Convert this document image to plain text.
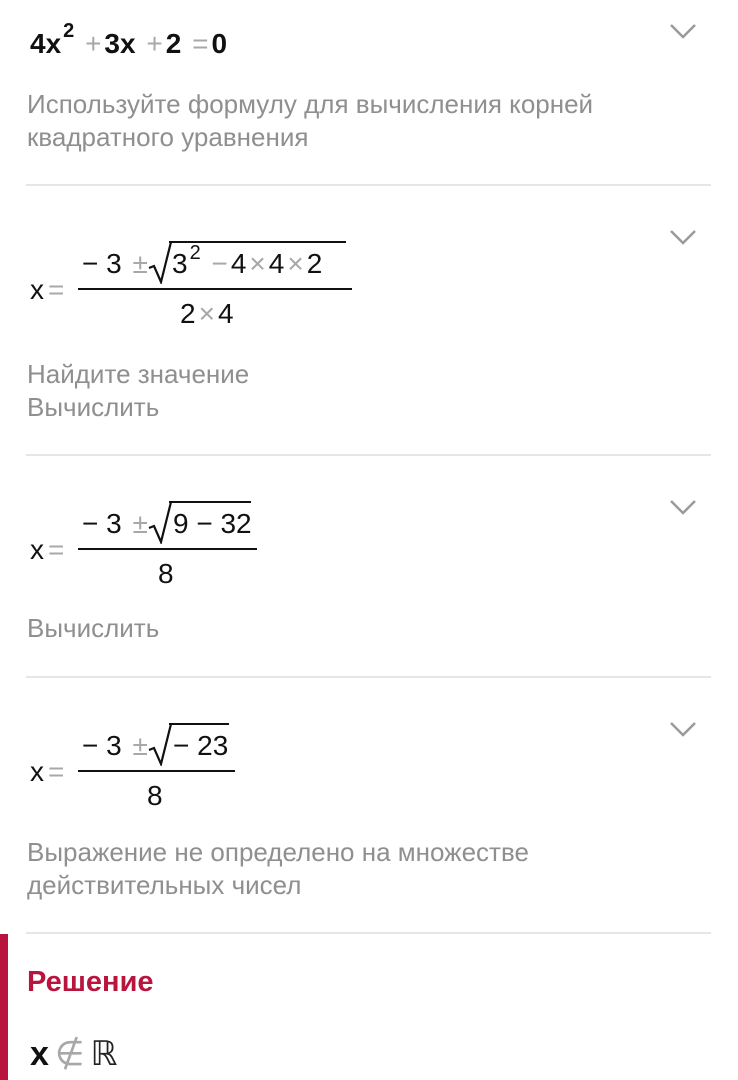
4x $^2$ + 3x + 2 = 0
Используйте формулу для вычисления корней
квадратного уравнения
x =
− 3 ± 3 $^2$ − 4 × 4 × 2
2 × 4
Найдите значение
Вычислить
x =
− 3 ± 9 − 32
8
Вычислить
x =
− 3 ± − 23
8
Выражение не определено на множестве
действительных чисел
Решение
x ∉ ℝ
